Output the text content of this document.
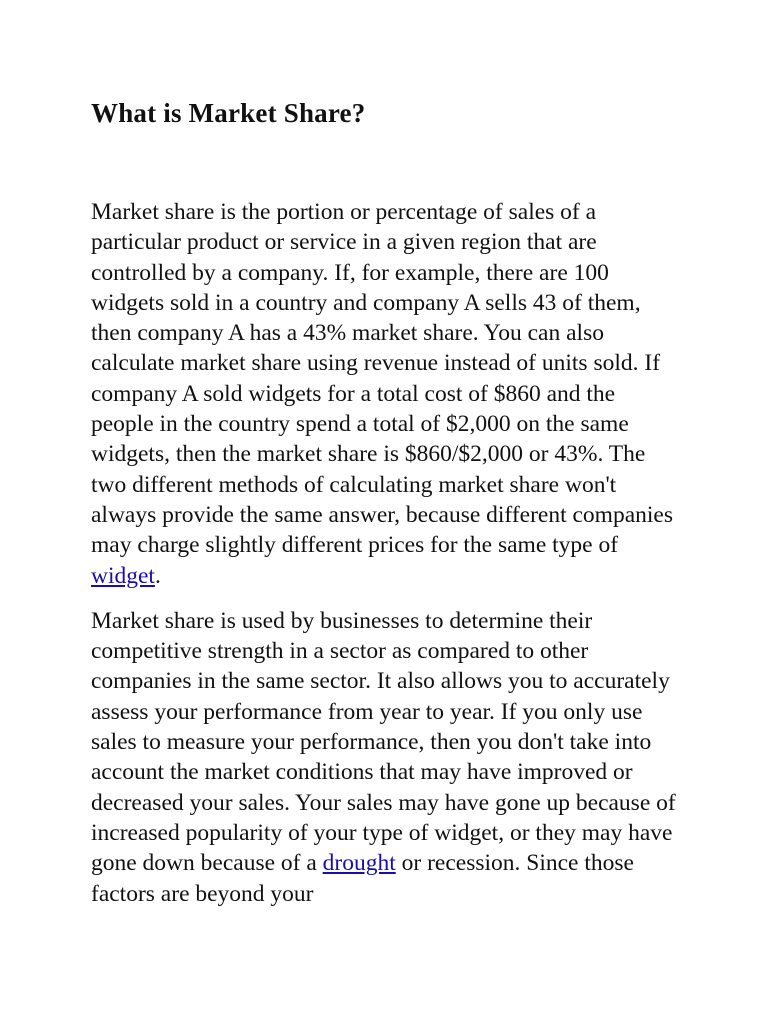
What is Market Share?

Market share is the portion or percentage of sales of a particular product or service in a given region that are controlled by a company. If, for example, there are 100 widgets sold in a country and company A sells 43 of them, then company A has a 43% market share. You can also calculate market share using revenue instead of units sold. If company A sold widgets for a total cost of $860 and the people in the country spend a total of $2,000 on the same widgets, then the market share is $860/$2,000 or 43%. The two different methods of calculating market share won't always provide the same answer, because different companies may charge slightly different prices for the same type of widget.

Market share is used by businesses to determine their competitive strength in a sector as compared to other companies in the same sector. It also allows you to accurately assess your performance from year to year. If you only use sales to measure your performance, then you don't take into account the market conditions that may have improved or decreased your sales. Your sales may have gone up because of increased popularity of your type of widget, or they may have gone down because of a drought or recession. Since those factors are beyond your
